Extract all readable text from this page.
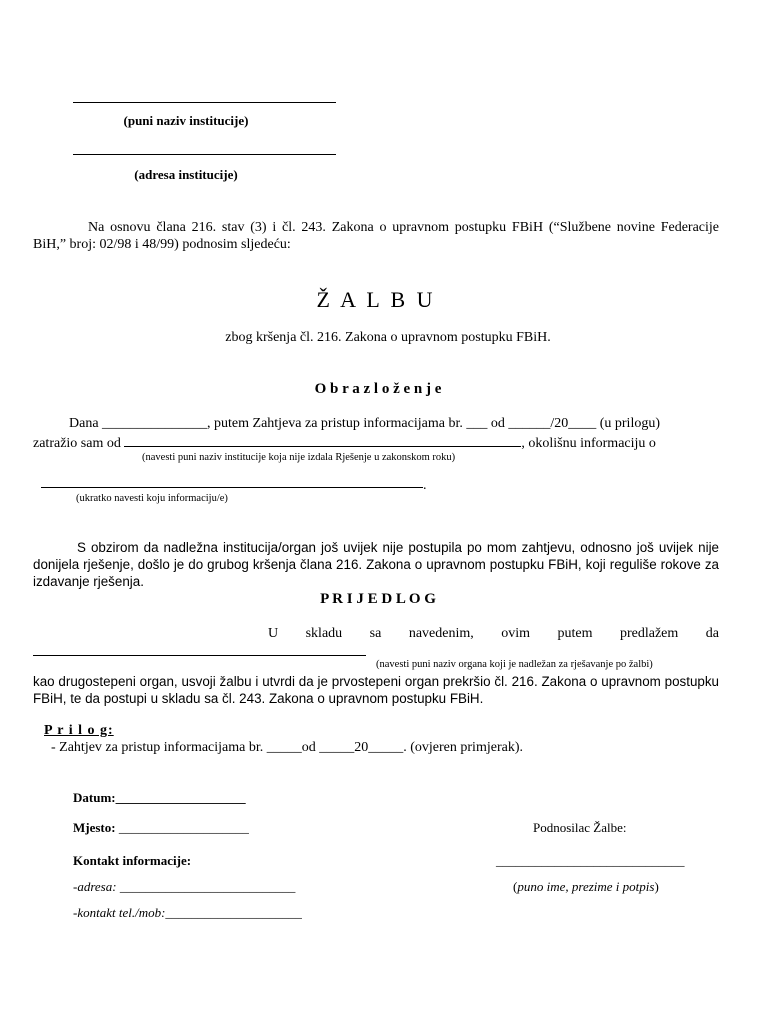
(puni naziv institucije)
(adresa institucije)
Na osnovu člana 216. stav (3) i čl. 243. Zakona o upravnom postupku FBiH (“Službene novine Federacije BiH,” broj: 02/98 i 48/99) podnosim sljedeću:
Ž A L B U
zbog kršenja čl. 216. Zakona o upravnom postupku FBiH.
O b r a z l o ž e n j e
Dana _______________, putem Zahtjeva za pristup informacijama br. ___ od ______/20____ (u prilogu)
zatražio sam od	, okolišnu informaciju o
(navesti puni naziv institucije koja nije izdala Rješenje u zakonskom roku)
.
(ukratko navesti koju informaciju/e)
S obzirom da nadležna institucija/organ još uvijek nije postupila po mom zahtjevu, odnosno još uvijek nije donijela rješenje, došlo je do grubog kršenja člana 216. Zakona o upravnom postupku FBiH, koji reguliše rokove za izdavanje rješenja.
P R I J E D L O G
U skladu sa navedenim, ovim putem predlažem da
(navesti puni naziv organa koji je nadležan za rješavanje po žalbi)
kao drugostepeni organ, usvoji žalbu i utvrdi da je prvostepeni organ prekršio čl. 216. Zakona o upravnom postupku FBiH, te da postupi u skladu sa čl. 243. Zakona o upravnom postupku FBiH.
P r i l o g:
- Zahtjev za pristup informacijama br. _____od _____20_____. (ovjeren primjerak).
Datum:____________________
Mjesto: ____________________
Kontakt informacije:
-adresa: ___________________________
-kontakt tel./mob:_____________________
Podnosilac Žalbe:
_____________________________
(puno ime, prezime i potpis)
